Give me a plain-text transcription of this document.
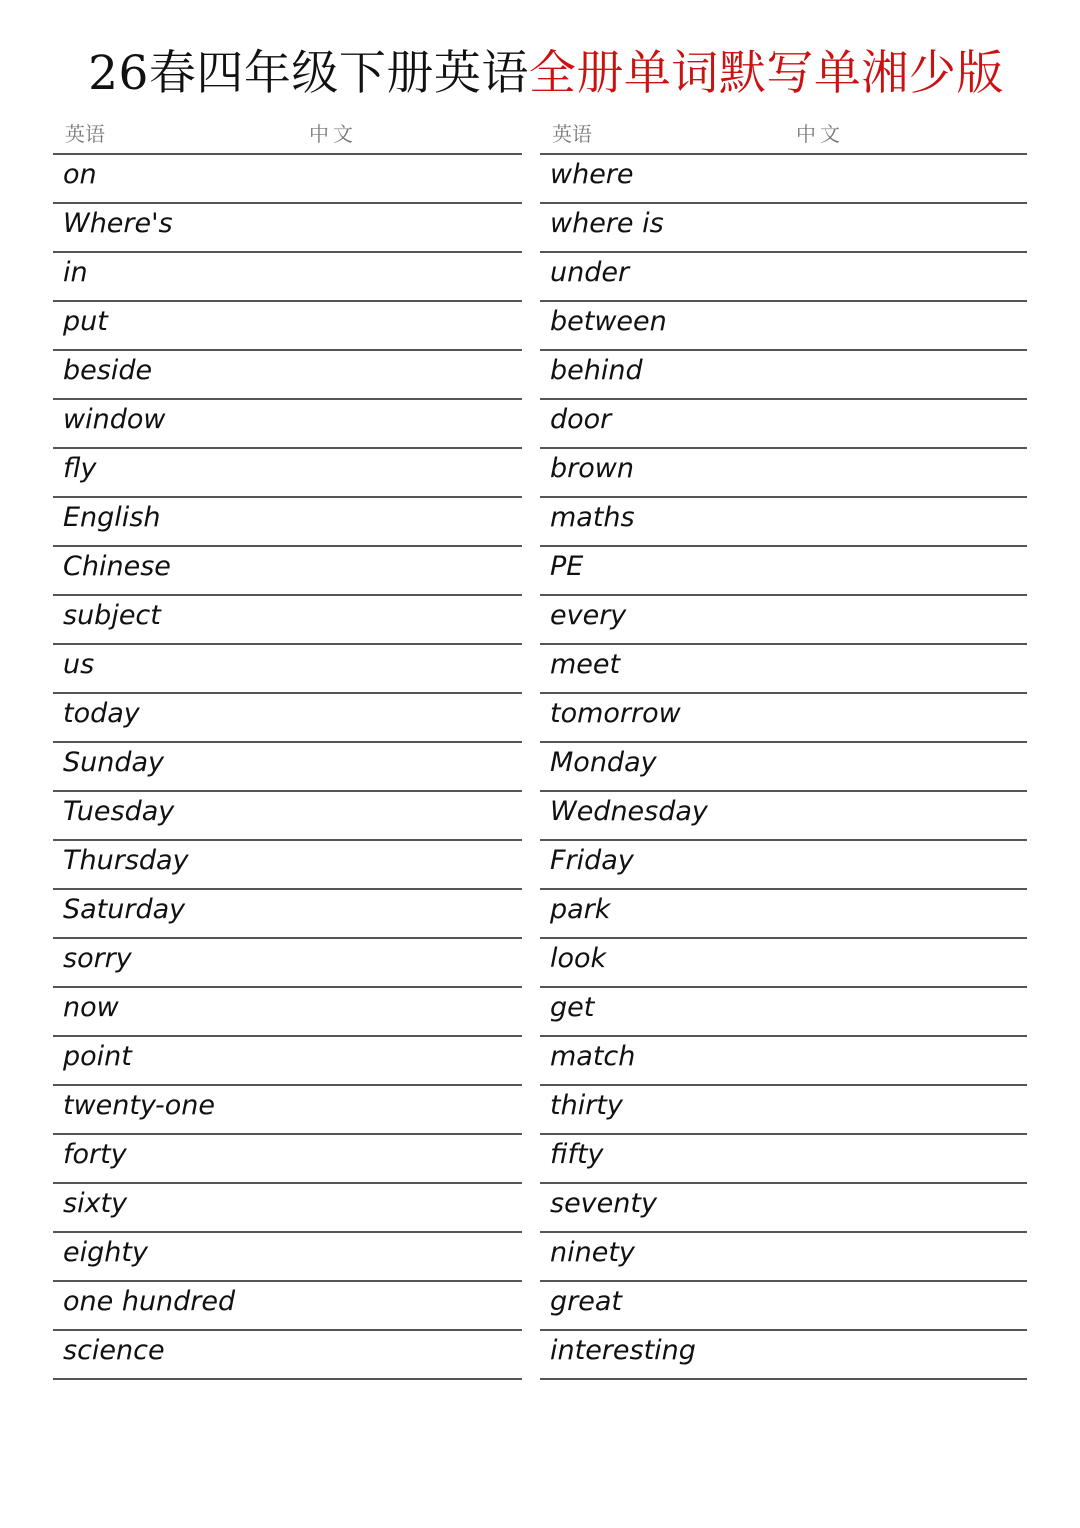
26春四年级下册英语全册单词默写单湘少版
英语	中文
on
Where's
in
put
beside
window
fly
English
Chinese
subject
us
today
Sunday
Tuesday
Thursday
Saturday
sorry
now
point
twenty-one
forty
sixty
eighty
one hundred
science
英语	中文
where
where is
under
between
behind
door
brown
maths
PE
every
meet
tomorrow
Monday
Wednesday
Friday
park
look
get
match
thirty
fifty
seventy
ninety
great
interesting
